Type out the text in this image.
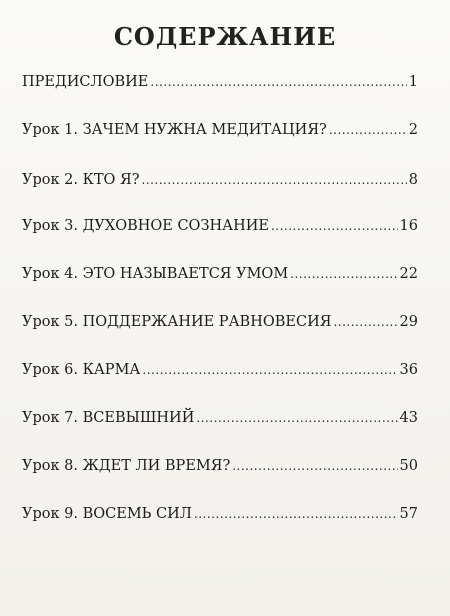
СОДЕРЖАНИЕ
ПРЕДИСЛОВИЕ .....	1
Урок 1. ЗАЧЕМ НУЖНА МЕДИТАЦИЯ? .....	2
Урок 2. КТО Я? .....	8
Урок 3. ДУХОВНОЕ СОЗНАНИЕ .....	16
Урок 4. ЭТО НАЗЫВАЕТСЯ УМОМ .....	22
Урок 5. ПОДДЕРЖАНИЕ РАВНОВЕСИЯ .....	29
Урок 6. КАРМА .....	36
Урок 7. ВСЕВЫШНИЙ .....	43
Урок 8. ЖДЕТ ЛИ ВРЕМЯ? .....	50
Урок 9. ВОСЕМЬ СИЛ .....	57
